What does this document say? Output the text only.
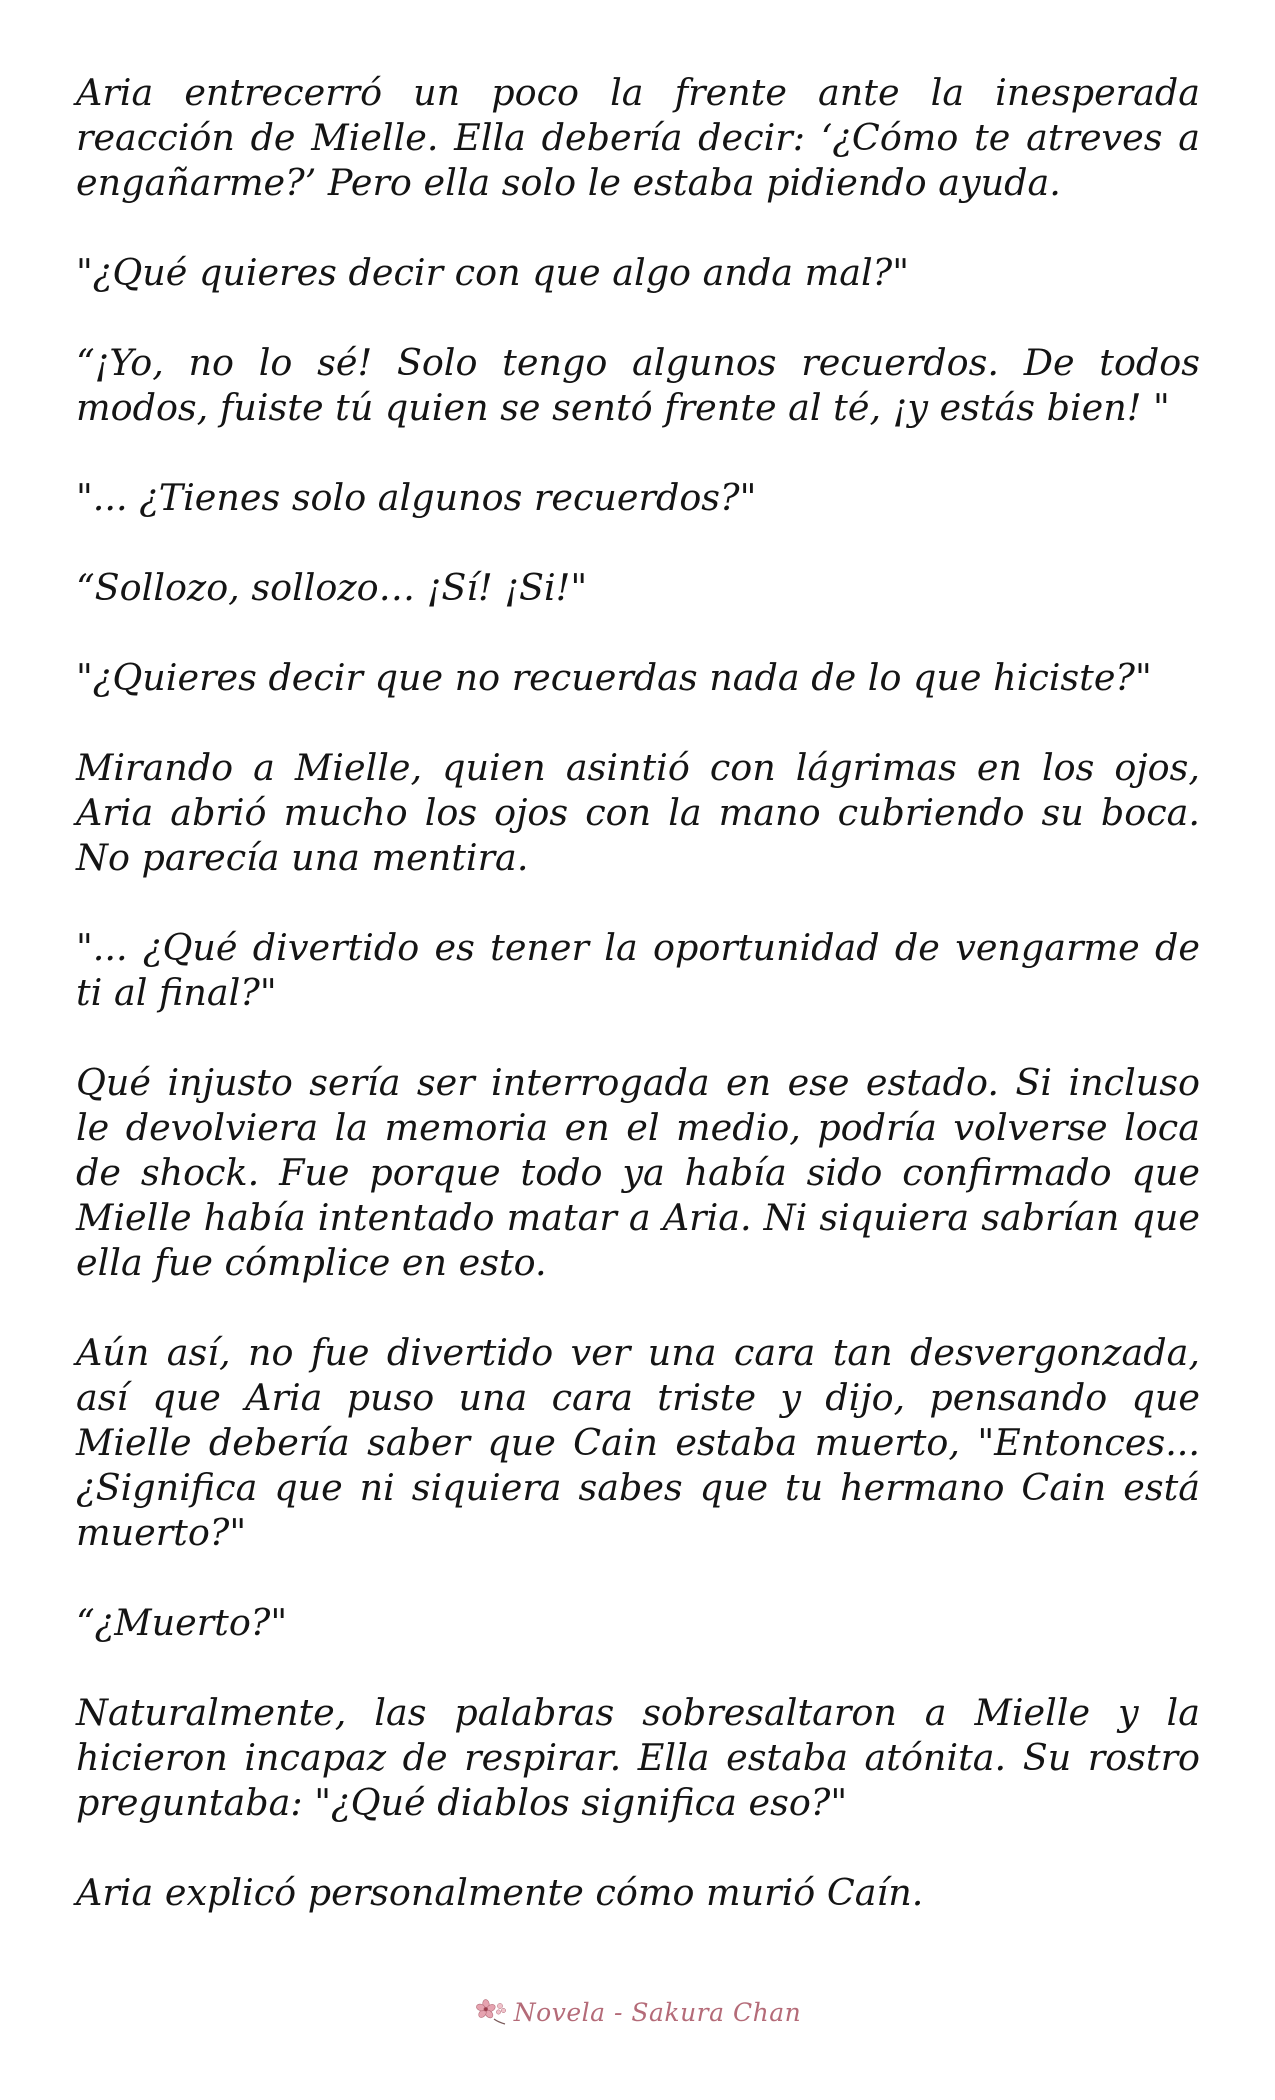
Aria entrecerró un poco la frente ante la inesperada reacción de Mielle. Ella debería decir: ‘¿Cómo te atreves a engañarme?’ Pero ella solo le estaba pidiendo ayuda.

"¿Qué quieres decir con que algo anda mal?"

“¡Yo, no lo sé! Solo tengo algunos recuerdos. De todos modos, fuiste tú quien se sentó frente al té, ¡y estás bien! "

"... ¿Tienes solo algunos recuerdos?"

“Sollozo, sollozo… ¡Sí! ¡Si!"

"¿Quieres decir que no recuerdas nada de lo que hiciste?"

Mirando a Mielle, quien asintió con lágrimas en los ojos, Aria abrió mucho los ojos con la mano cubriendo su boca. No parecía una mentira.

"... ¿Qué divertido es tener la oportunidad de vengarme de ti al final?"

Qué injusto sería ser interrogada en ese estado. Si incluso le devolviera la memoria en el medio, podría volverse loca de shock. Fue porque todo ya había sido confirmado que Mielle había intentado matar a Aria. Ni siquiera sabrían que ella fue cómplice en esto.

Aún así, no fue divertido ver una cara tan desvergonzada, así que Aria puso una cara triste y dijo, pensando que Mielle debería saber que Cain estaba muerto, "Entonces... ¿Significa que ni siquiera sabes que tu hermano Cain está muerto?"

“¿Muerto?"

Naturalmente, las palabras sobresaltaron a Mielle y la hicieron incapaz de respirar. Ella estaba atónita. Su rostro preguntaba: "¿Qué diablos significa eso?"

Aria explicó personalmente cómo murió Caín.

Novela - Sakura Chan
